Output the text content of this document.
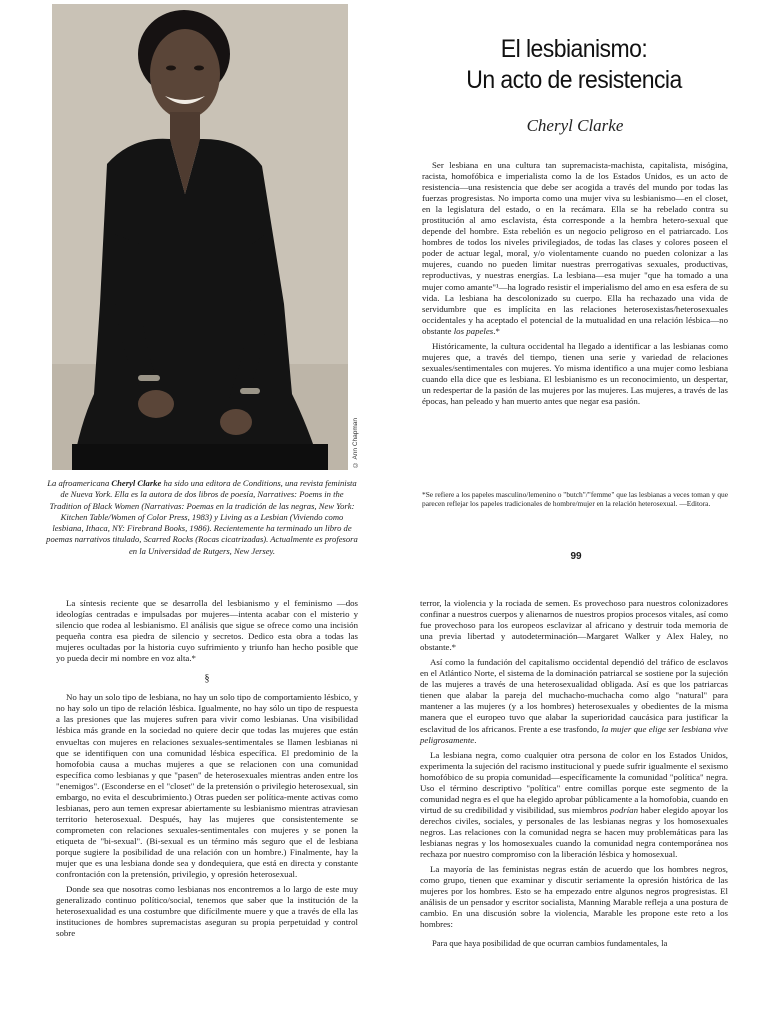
© Ann Chapman
La afroamericana Cheryl Clarke ha sido una editora de Conditions, una revista feminista de Nueva York. Ella es la autora de dos libros de poesía, Narratives: Poems in the Tradition of Black Women (Narrativas: Poemas en la tradición de las negras, New York: Kitchen Table/Women of Color Press, 1983) y Living as a Lesbian (Viviendo como lesbiana, Ithaca, NY: Firebrand Books, 1986). Recientemente ha terminado un libro de poemas narrativos titulado, Scarred Rocks (Rocas cicatrizadas). Actualmente es profesora en la Universidad de Rutgers, New Jersey.
El lesbianismo:
Un acto de resistencia
Cheryl Clarke

Ser lesbiana en una cultura tan supremacista-machista, capitalista, misógina, racista, homofóbica e imperialista como la de los Estados Unidos, es un acto de resistencia—una resistencia que debe ser acogida a través del mundo por todas las fuerzas progresistas. No importa como una mujer viva su lesbianismo—en el closet, en la legislatura del estado, o en la recámara. Ella se ha rebelado contra su prostitución al amo esclavista, ésta corresponde a la hembra hetero-sexual que depende del hombre. Esta rebelión es un negocio peligroso en el patriarcado. Los hombres de todos los niveles privilegiados, de todas las clases y colores poseen el poder de actuar legal, moral, y/o violentamente cuando no pueden colonizar a las mujeres, cuando no pueden limitar nuestras prerrogativas sexuales, productivas, reproductivas, y nuestras energías. La lesbiana—esa mujer "que ha tomado a una mujer como amante"¹—ha logrado resistir el imperialismo del amo en esa esfera de su vida. La lesbiana ha descolonizado su cuerpo. Ella ha rechazado una vida de servidumbre que es implícita en las relaciones heterosexistas/heterosexuales occidentales y ha aceptado el potencial de la mutualidad en una relación lésbica—no obstante los papeles.*

Históricamente, la cultura occidental ha llegado a identificar a las lesbianas como mujeres que, a través del tiempo, tienen una serie y variedad de relaciones sexuales/sentimentales con mujeres. Yo misma identifico a una mujer como lesbiana cuando ella dice que es lesbiana. El lesbianismo es un reconocimiento, un despertar, un redespertar de la pasión de las mujeres por las mujeres. Las mujeres, a través de las épocas, han peleado y han muerto antes que negar esa pasión.

*Se refiere a los papeles masculino/lemenino o "butch"/"femme" que las lesbianas a veces toman y que parecen reflejar los papeles tradicionales de hombre/mujer en la relación heterosexual. —Editora.
99

La síntesis reciente que se desarrolla del lesbianismo y el feminismo —dos ideologías centradas e impulsadas por mujeres—intenta acabar con el misterio y silencio que rodea al lesbianismo. El análisis que sigue se ofrece como una incisión pequeña contra esa piedra de silencio y secretos. Dedico esta obra a todas las mujeres ocultadas por la historia cuyo sufrimiento y triunfo han hecho posible que yo pueda decir mi nombre en voz alta.*

§

No hay un solo tipo de lesbiana, no hay un solo tipo de comportamiento lésbico, y no hay solo un tipo de relación lésbica. Igualmente, no hay sólo un tipo de respuesta a las presiones que las mujeres sufren para vivir como lesbianas. Una visibilidad lésbica más grande en la sociedad no quiere decir que todas las mujeres que están envueltas con mujeres en relaciones sexuales-sentimentales se llamen lesbianas ni que se identifiquen con una comunidad lésbica específica. El predominio de la homofobia causa a muchas mujeres a que se relacionen con una comunidad específica como lesbianas y que "pasen" de heterosexuales mientras anden entre los "enemigos". (Esconderse en el "closet" de la pretensión o privilegio heterosexual, sin embargo, no evita el descubrimiento.) Otras pueden ser política-mente activas como lesbianas, pero aun temen expresar abiertamente su lesbianismo mientras atraviesan territorio heterosexual. Después, hay las mujeres que consistentemente se comprometen con relaciones sexuales-sentimentales con mujeres y se ponen la etiqueta de "bi-sexual". (Bi-sexual es un término más seguro que el de lesbiana porque sugiere la posibilidad de una relación con un hombre.) Finalmente, hay la mujer que es una lesbiana donde sea y dondequiera, que está en directa y constante confrontación con la pretensión, privilegio, y opresión heterosexual.

Donde sea que nosotras como lesbianas nos encontremos a lo largo de este muy generalizado continuo político/social, tenemos que saber que la institución de la heterosexualidad es una costumbre que difícilmente muere y que a través de ella las instituciones de hombres supremacistas aseguran su propia perpetuidad y control sobre

terror, la violencia y la rociada de semen. Es provechoso para nuestros colonizadores confinar a nuestros cuerpos y alienarnos de nuestros propios procesos vitales, así como fue provechoso para los europeos esclavizar al africano y destruir toda memoria de una previa libertad y autodeterminación—Margaret Walker y Alex Haley, no obstante.*

Así como la fundación del capitalismo occidental dependió del tráfico de esclavos en el Atlántico Norte, el sistema de la dominación patriarcal se sostiene por la sujeción de las mujeres a través de una heterosexualidad obligada. Así es que los patriarcas tienen que alabar la pareja del muchacho-muchacha como algo "natural" para mantener a las mujeres (y a los hombres) heterosexuales y obedientes de la misma manera que el europeo tuvo que alabar la superioridad caucásica para justificar la esclavitud de los africanos. Frente a ese trasfondo, la mujer que elige ser lesbiana vive peligrosamente.

La lesbiana negra, como cualquier otra persona de color en los Estados Unidos, experimenta la sujeción del racismo institucional y puede sufrir igualmente el sexismo homofóbico de su propia comunidad—específicamente la comunidad "política" negra. Uso el término descriptivo "política" entre comillas porque este segmento de la comunidad negra es el que ha elegido aprobar públicamente a la homofobia, cuando en virtud de su credibilidad y visibilidad, sus miembros podrían haber elegido apoyar los derechos civiles, sociales, y personales de las lesbianas negras y los homosexuales negros. Las relaciones con la comunidad negra se hacen muy problemáticas para las lesbianas negras y los homosexuales cuando la comunidad negra contemporánea nos rechaza por nuestro compromiso con la liberación lésbica y homosexual.

La mayoría de las feministas negras están de acuerdo que los hombres negros, como grupo, tienen que examinar y discutir seriamente la opresión histórica de las mujeres por los hombres. Esto se ha empezado entre algunos negros progresistas. El análisis de un pensador y escritor socialista, Manning Marable refleja a una postura de cambio. En una discusión sobre la violencia, Marable les propone este reto a los hombres:

Para que haya posibilidad de que ocurran cambios fundamentales, la
